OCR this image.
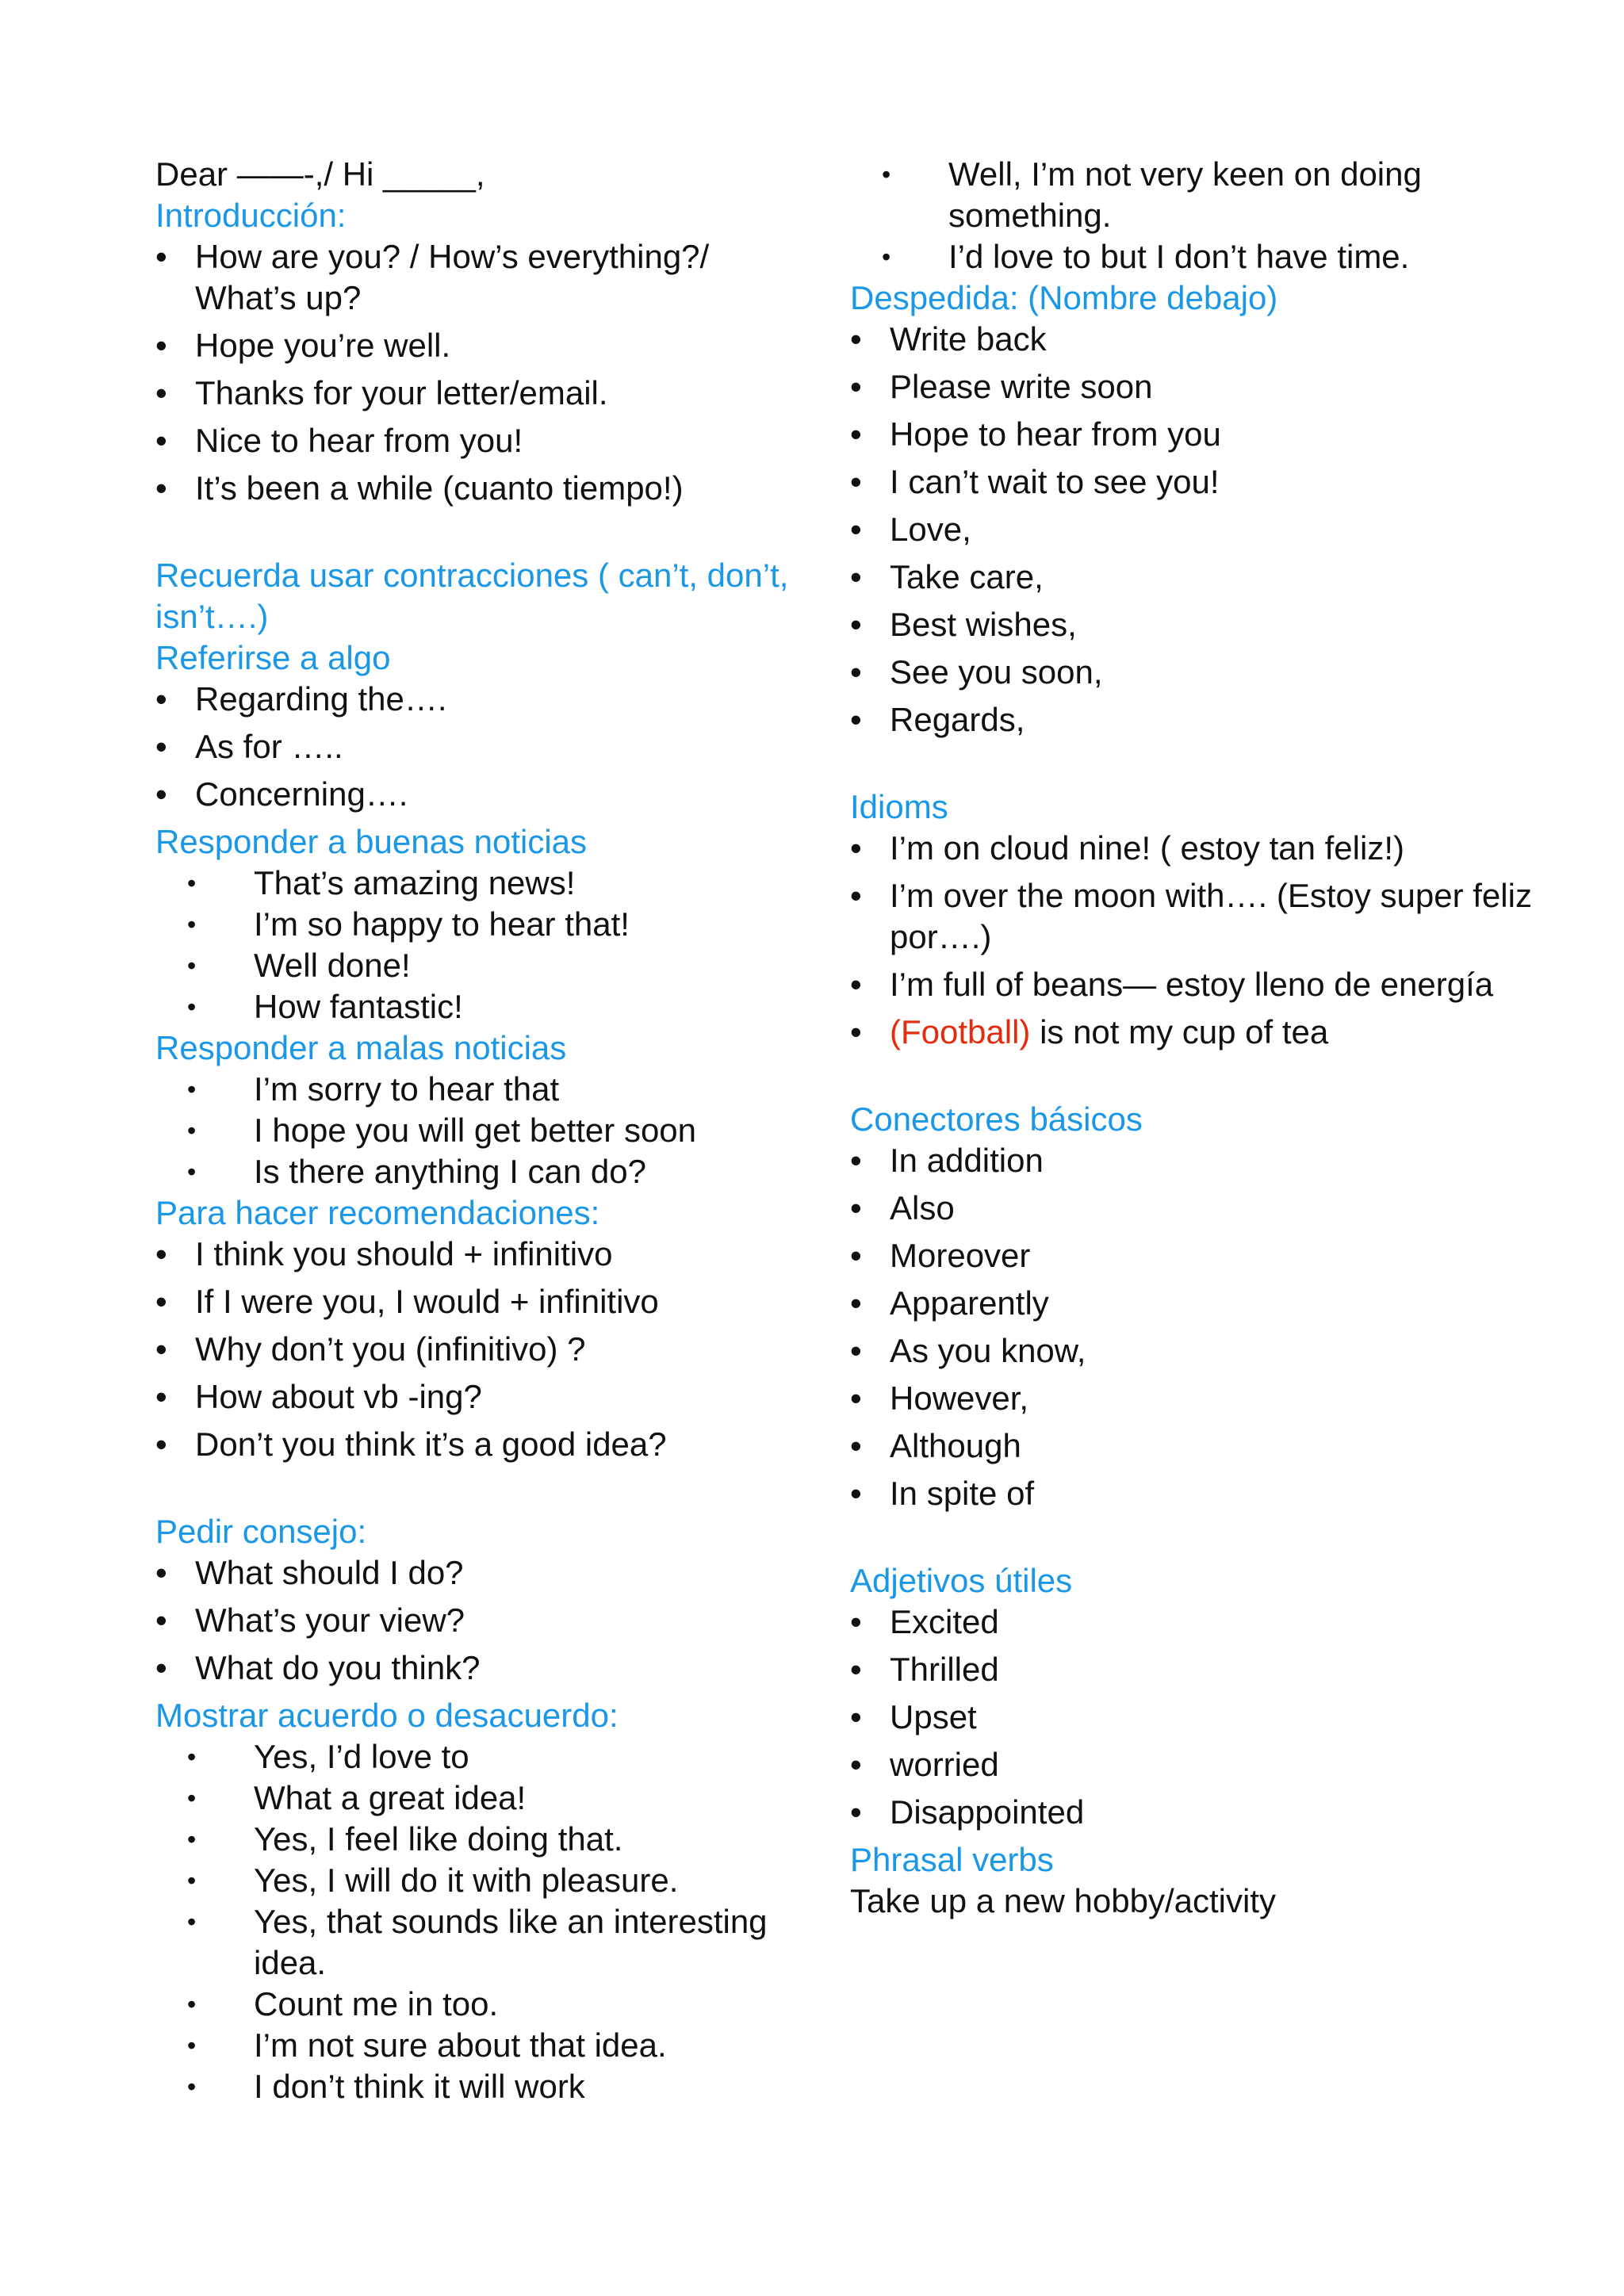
Dear ——-,/ Hi _____,

Introducción:

• How are you? / How’s everything?/ What’s up?
• Hope you’re well.
• Thanks for your letter/email.
• Nice to hear from you!
• It’s been a while (cuanto tiempo!)

Recuerda usar contracciones ( can’t, don’t, isn’t….)

Referirse a algo

• Regarding the….
• As for …..
• Concerning….

Responder a buenas noticias

• That’s amazing news!
• I’m so happy to hear that!
• Well done!
• How fantastic!

Responder a malas noticias

• I’m sorry to hear that
• I hope you will get better soon
• Is there anything I can do?

Para hacer recomendaciones:

• I think you should + infinitivo
• If I were you, I would + infinitivo
• Why don’t you (infinitivo) ?
• How about vb -ing?
• Don’t you think it’s a good idea?

Pedir consejo:

• What should I do?
• What’s your view?
• What do you think?

Mostrar acuerdo o desacuerdo:

• Yes, I’d love to
• What a great idea!
• Yes, I feel like doing that.
• Yes, I will do it with pleasure.
• Yes, that sounds like an interesting idea.
• Count me in too.
• I’m not sure about that idea.
• I don’t think it will work
• Well, I’m not very keen on doing something.
• I’d love to but I don’t have time.

Despedida: (Nombre debajo)

• Write back
• Please write soon
• Hope to hear from you
• I can’t wait to see you!
• Love,
• Take care,
• Best wishes,
• See you soon,
• Regards,

Idioms

• I’m on cloud nine! ( estoy tan feliz!)
• I’m over the moon with…. (Estoy super feliz por….)
• I’m full of beans— estoy lleno de energía
• (Football) is not my cup of tea

Conectores básicos

• In addition
• Also
• Moreover
• Apparently
• As you know,
• However,
• Although
• In spite of

Adjetivos útiles

• Excited
• Thrilled
• Upset
• worried
• Disappointed

Phrasal verbs

Take up a new hobby/activity
